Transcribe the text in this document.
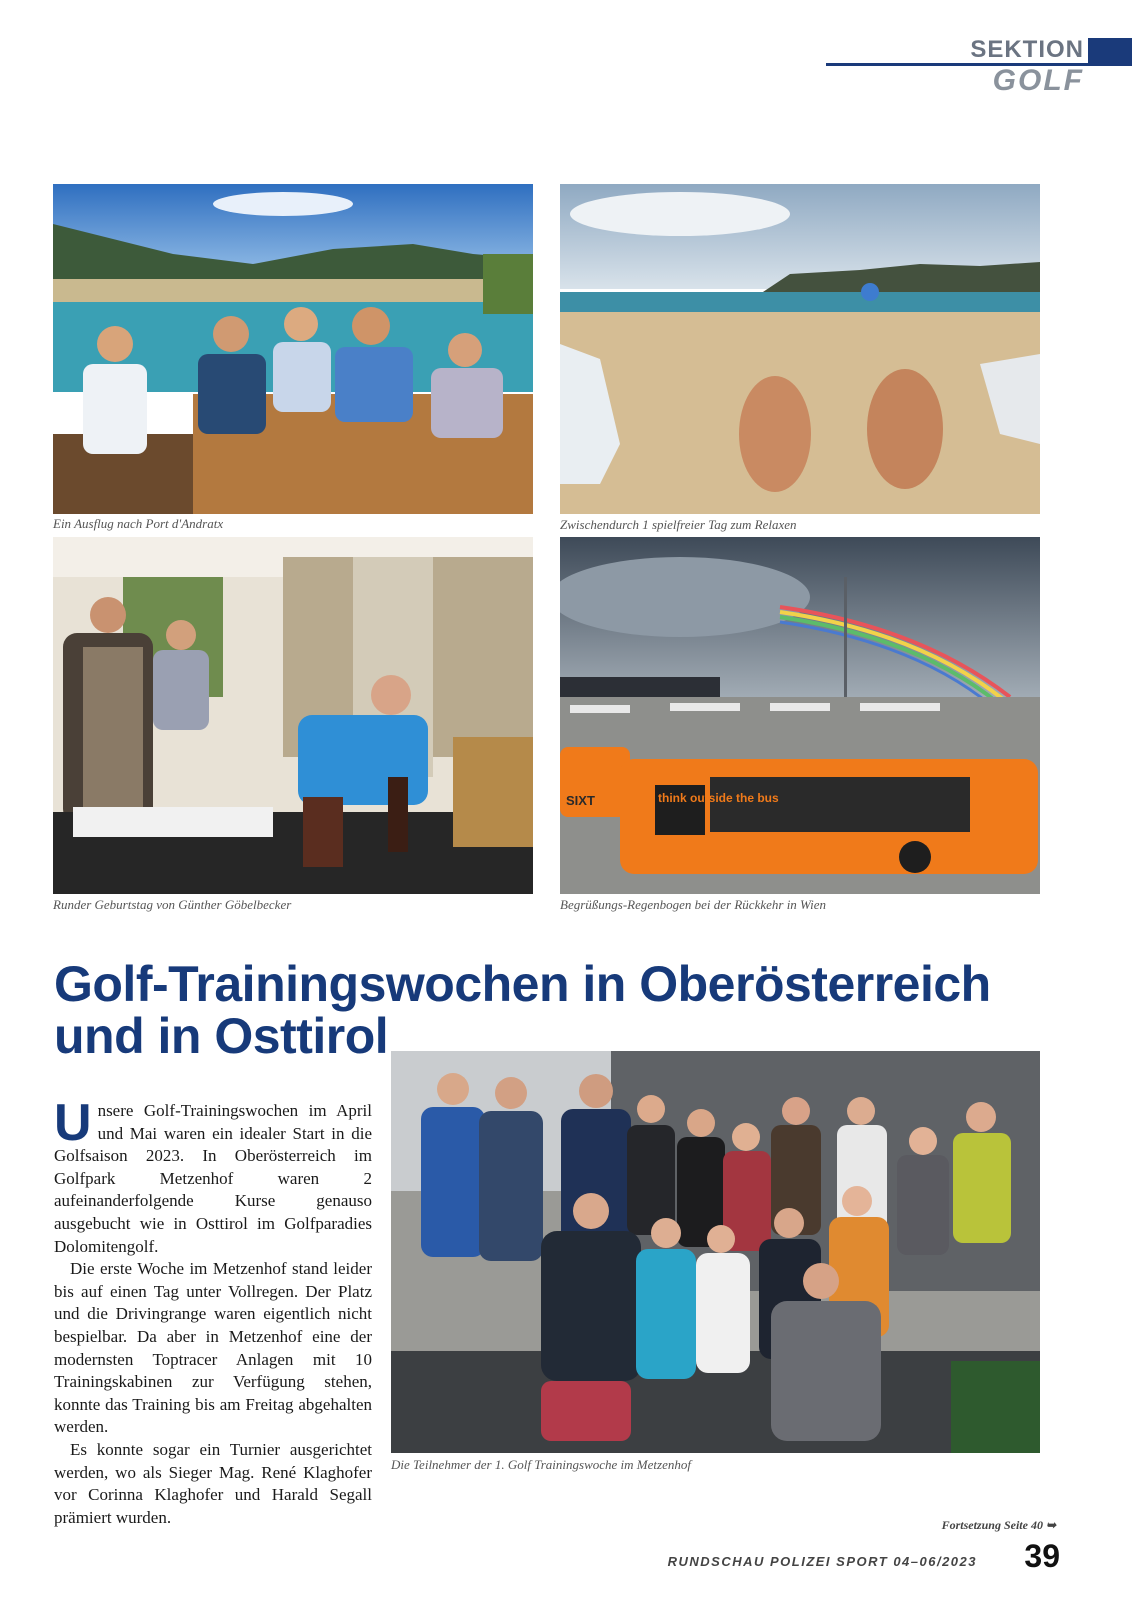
SEKTION
GOLF
Ein Ausflug nach Port d'Andratx	Zwischendurch 1 spielfreier Tag zum Relaxen
Runder Geburtstag von Günther Göbelbecker
think outside the bus
SIXT
Begrüßungs-Regenbogen bei der Rückkehr in Wien
Golf-Trainingswochen in Oberösterreich
und in Osttirol

Unsere Golf-Trainingswochen im April und Mai waren ein idealer Start in die Golfsaison 2023. In Oberösterreich im Golfpark Metzenhof waren 2 aufeinanderfolgende Kurse genauso ausgebucht wie in Osttirol im Golfparadies Dolomitengolf.

Die erste Woche im Metzenhof stand leider bis auf einen Tag unter Vollregen. Der Platz und die Drivingrange waren eigentlich nicht bespielbar. Da aber in Metzenhof eine der modernsten Toptracer Anlagen mit 10 Trainingskabinen zur Verfügung stehen, konnte das Training bis am Freitag abgehalten werden.

Es konnte sogar ein Turnier ausgerichtet werden, wo als Sieger Mag. René Klaghofer vor Corinna Klaghofer und Harald Segall prämiert wurden.

Die Teilnehmer der 1. Golf Trainingswoche im Metzenhof
Fortsetzung Seite 40 ➥
RUNDSCHAU POLIZEI SPORT 04–06/2023 39
